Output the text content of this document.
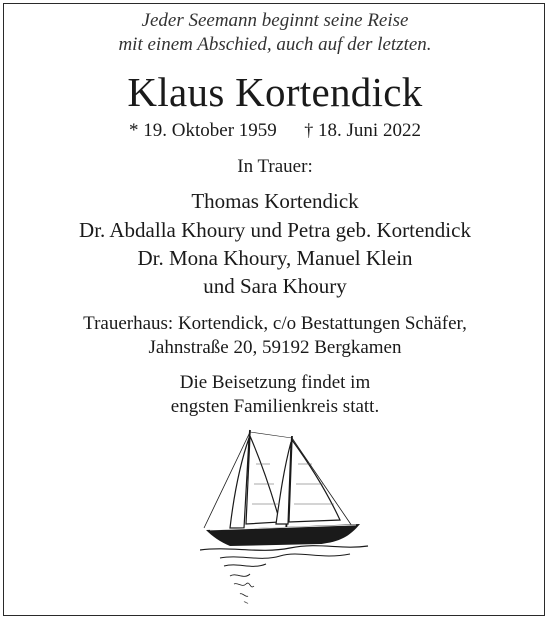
Jeder Seemann beginnt seine Reise
mit einem Abschied, auch auf der letzten.
Klaus Kortendick
* 19. Oktober 1959 † 18. Juni 2022
In Trauer:
Thomas Kortendick
Dr. Abdalla Khoury und Petra geb. Kortendick
Dr. Mona Khoury, Manuel Klein
und Sara Khoury
Trauerhaus: Kortendick, c/o Bestattungen Schäfer,
Jahnstraße 20, 59192 Bergkamen
Die Beisetzung findet im
engsten Familienkreis statt.
